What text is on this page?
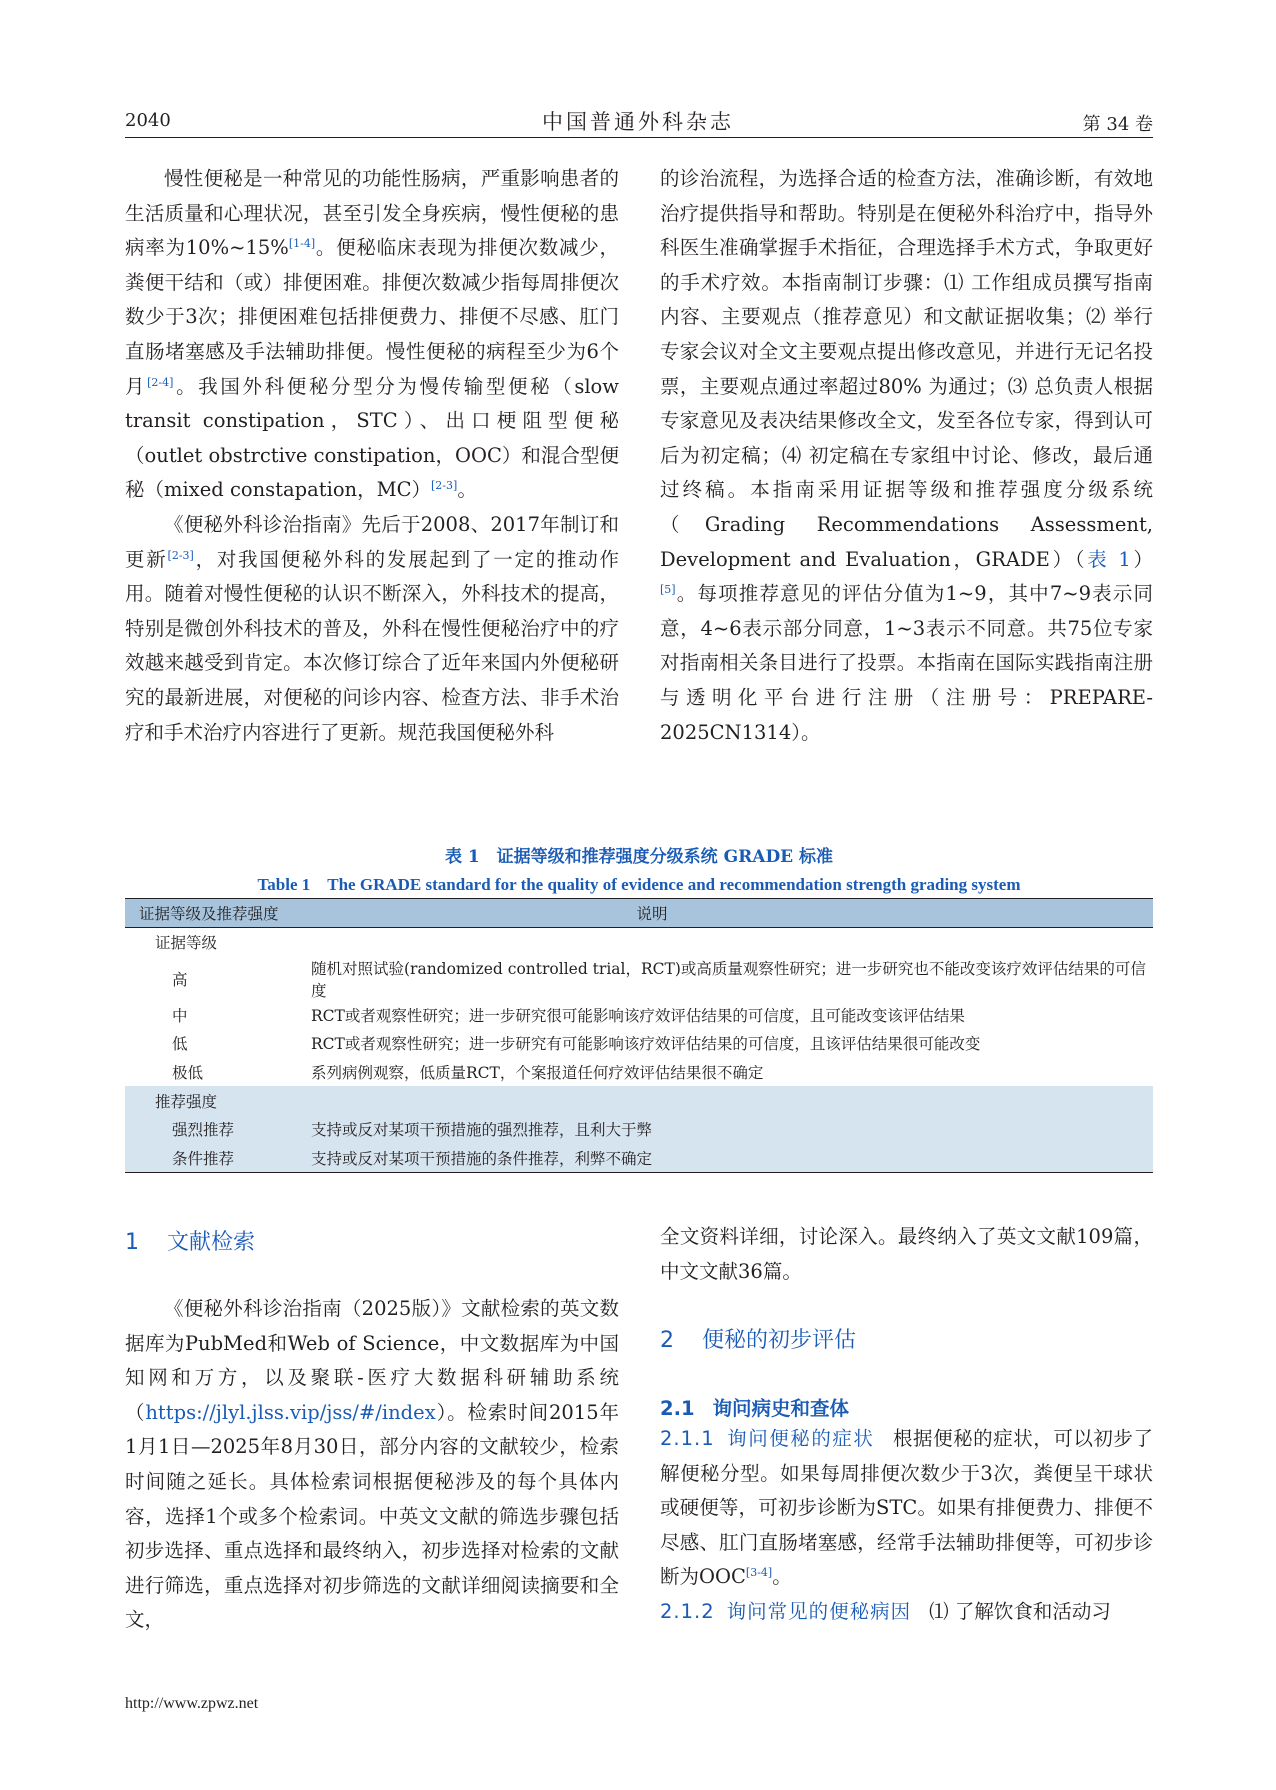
2040	中国普通外科杂志	第 34 卷

慢性便秘是一种常见的功能性肠病，严重影响患者的生活质量和心理状况，甚至引发全身疾病，慢性便秘的患病率为10%~15%[1-4]。便秘临床表现为排便次数减少，粪便干结和（或）排便困难。排便次数减少指每周排便次数少于3次；排便困难包括排便费力、排便不尽感、肛门直肠堵塞感及手法辅助排便。慢性便秘的病程至少为6个月[2-4]。我国外科便秘分型分为慢传输型便秘（slow transit constipation，STC）、出口梗阻型便秘（outlet obstrctive constipation，OOC）和混合型便秘（mixed constapation，MC）[2-3]。

《便秘外科诊治指南》先后于2008、2017年制订和更新[2-3]，对我国便秘外科的发展起到了一定的推动作用。随着对慢性便秘的认识不断深入，外科技术的提高，特别是微创外科技术的普及，外科在慢性便秘治疗中的疗效越来越受到肯定。本次修订综合了近年来国内外便秘研究的最新进展，对便秘的问诊内容、检查方法、非手术治疗和手术治疗内容进行了更新。规范我国便秘外科

的诊治流程，为选择合适的检查方法，准确诊断，有效地治疗提供指导和帮助。特别是在便秘外科治疗中，指导外科医生准确掌握手术指征，合理选择手术方式，争取更好的手术疗效。本指南制订步骤：⑴ 工作组成员撰写指南内容、主要观点（推荐意见）和文献证据收集；⑵ 举行专家会议对全文主要观点提出修改意见，并进行无记名投票，主要观点通过率超过80% 为通过；⑶ 总负责人根据专家意见及表决结果修改全文，发至各位专家，得到认可后为初定稿；⑷ 初定稿在专家组中讨论、修改，最后通过终稿。本指南采用证据等级和推荐强度分级系统（Grading Recommendations Assessment, Development and Evaluation，GRADE）（表 1）[5]。每项推荐意见的评估分值为1~9，其中7~9表示同意，4~6表示部分同意，1~3表示不同意。共75位专家对指南相关条目进行了投票。本指南在国际实践指南注册与透明化平台进行注册（注册号：PREPARE-2025CN1314）。

表 1　证据等级和推荐强度分级系统 GRADE 标准
Table 1　The GRADE standard for the quality of evidence and recommendation strength grading system
证据等级及推荐强度	说明
证据等级	
高	随机对照试验(randomized controlled trial，RCT)或高质量观察性研究；进一步研究也不能改变该疗效评估结果的可信度
中	RCT或者观察性研究；进一步研究很可能影响该疗效评估结果的可信度，且可能改变该评估结果
低	RCT或者观察性研究；进一步研究有可能影响该疗效评估结果的可信度，且该评估结果很可能改变
极低	系列病例观察，低质量RCT，个案报道任何疗效评估结果很不确定
推荐强度	
强烈推荐	支持或反对某项干预措施的强烈推荐，且利大于弊
条件推荐	支持或反对某项干预措施的条件推荐，利弊不确定
1 文献检索

《便秘外科诊治指南（2025版）》文献检索的英文数据库为PubMed和Web of Science，中文数据库为中国知网和万方，以及聚联-医疗大数据科研辅助系统（https://jlyl.jlss.vip/jss/#/index）。检索时间2015年1月1日—2025年8月30日，部分内容的文献较少，检索时间随之延长。具体检索词根据便秘涉及的每个具体内容，选择1个或多个检索词。中英文文献的筛选步骤包括初步选择、重点选择和最终纳入，初步选择对检索的文献进行筛选，重点选择对初步筛选的文献详细阅读摘要和全文，

全文资料详细，讨论深入。最终纳入了英文文献109篇，中文文献36篇。

2 便秘的初步评估
2.1 询问病史和查体

2.1.1 询问便秘的症状 根据便秘的症状，可以初步了解便秘分型。如果每周排便次数少于3次，粪便呈干球状或硬便等，可初步诊断为STC。如果有排便费力、排便不尽感、肛门直肠堵塞感，经常手法辅助排便等，可初步诊断为OOC[3-4]。

2.1.2 询问常见的便秘病因 ⑴ 了解饮食和活动习

http://www.zpwz.net
